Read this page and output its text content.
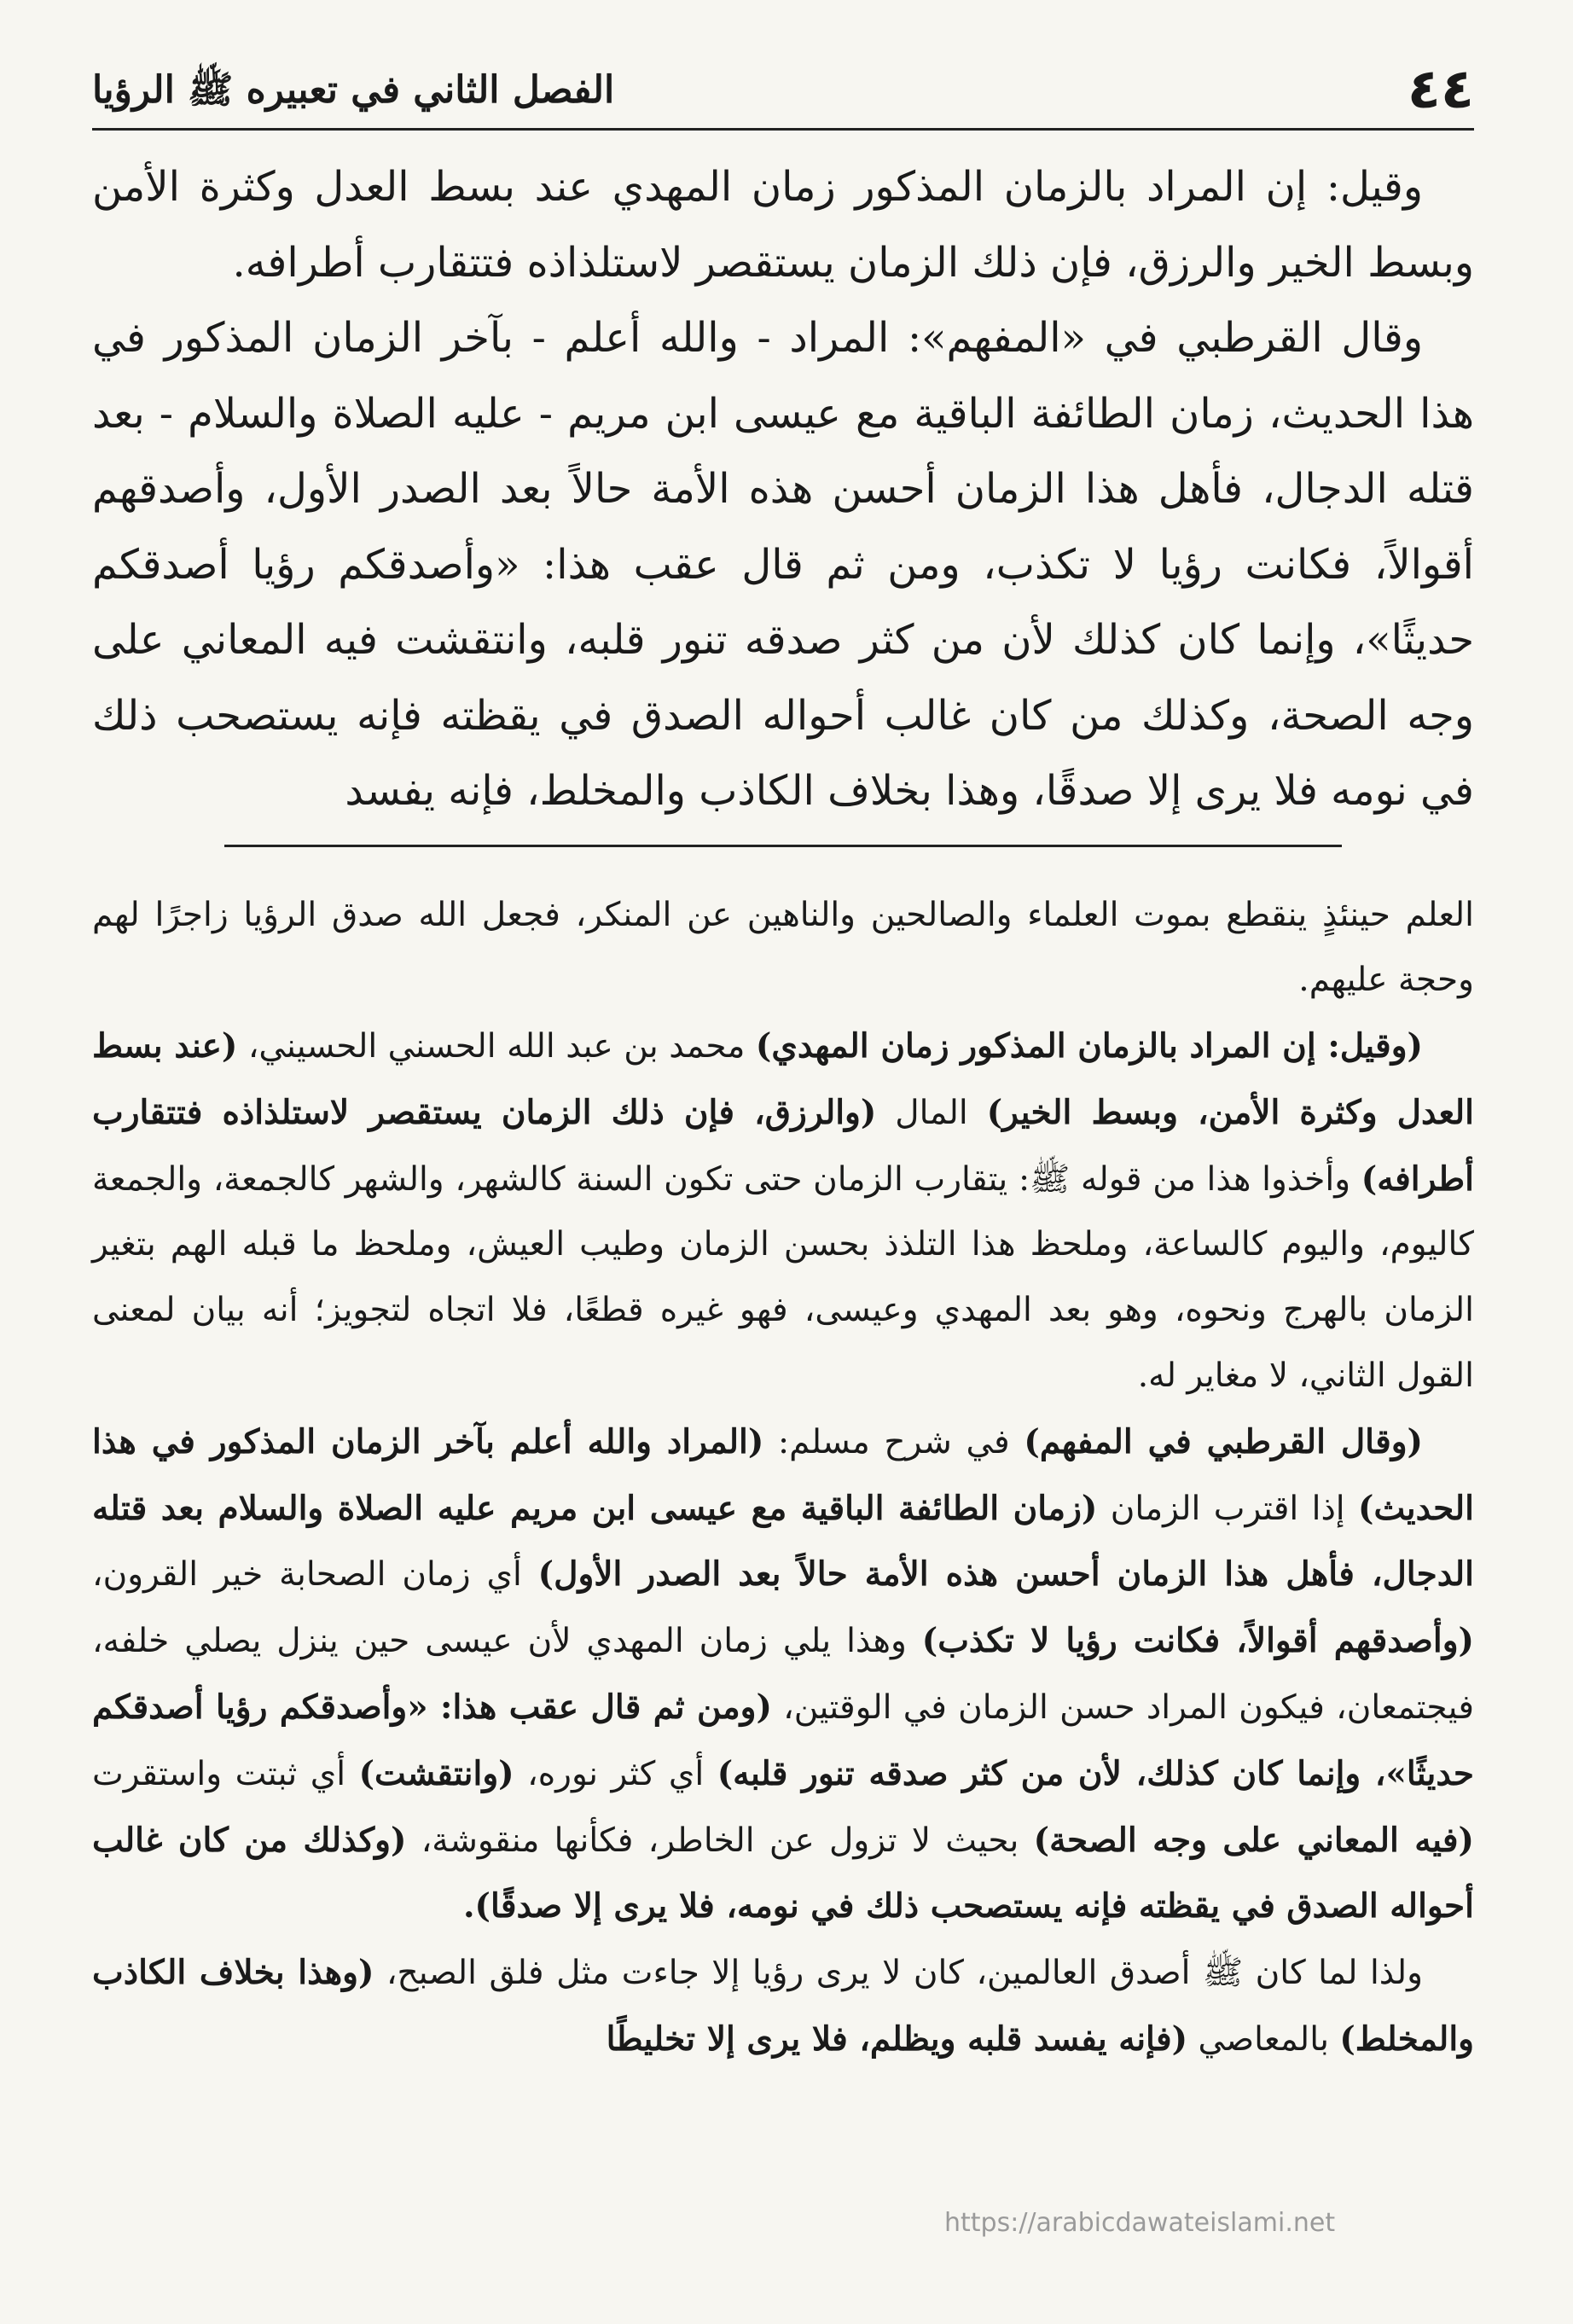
٤٤
الفصل الثاني في تعبيره ﷺ الرؤيا

وقيل: إن المراد بالزمان المذكور زمان المهدي عند بسط العدل وكثرة الأمن وبسط الخير والرزق، فإن ذلك الزمان يستقصر لاستلذاذه فتتقارب أطرافه.

وقال القرطبي في «المفهم»: المراد - والله أعلم - بآخر الزمان المذكور في هذا الحديث، زمان الطائفة الباقية مع عيسى ابن مريم - عليه الصلاة والسلام - بعد قتله الدجال، فأهل هذا الزمان أحسن هذه الأمة حالاً بعد الصدر الأول، وأصدقهم أقوالاً، فكانت رؤيا لا تكذب، ومن ثم قال عقب هذا: «وأصدقكم رؤيا أصدقكم حديثًا»، وإنما كان كذلك لأن من كثر صدقه تنور قلبه، وانتقشت فيه المعاني على وجه الصحة، وكذلك من كان غالب أحواله الصدق في يقظته فإنه يستصحب ذلك في نومه فلا يرى إلا صدقًا، وهذا بخلاف الكاذب والمخلط، فإنه يفسد

العلم حينئذٍ ينقطع بموت العلماء والصالحين والناهين عن المنكر، فجعل الله صدق الرؤيا زاجرًا لهم وحجة عليهم.

(وقيل: إن المراد بالزمان المذكور زمان المهدي) محمد بن عبد الله الحسني الحسيني، (عند بسط العدل وكثرة الأمن، وبسط الخير) المال (والرزق، فإن ذلك الزمان يستقصر لاستلذاذه فتتقارب أطرافه) وأخذوا هذا من قوله ﷺ: يتقارب الزمان حتى تكون السنة كالشهر، والشهر كالجمعة، والجمعة كاليوم، واليوم كالساعة، وملحظ هذا التلذذ بحسن الزمان وطيب العيش، وملحظ ما قبله الهم بتغير الزمان بالهرج ونحوه، وهو بعد المهدي وعيسى، فهو غيره قطعًا، فلا اتجاه لتجويز؛ أنه بيان لمعنى القول الثاني، لا مغاير له.

(وقال القرطبي في المفهم) في شرح مسلم: (المراد والله أعلم بآخر الزمان المذكور في هذا الحديث) إذا اقترب الزمان (زمان الطائفة الباقية مع عيسى ابن مريم عليه الصلاة والسلام بعد قتله الدجال، فأهل هذا الزمان أحسن هذه الأمة حالاً بعد الصدر الأول) أي زمان الصحابة خير القرون، (وأصدقهم أقوالاً، فكانت رؤيا لا تكذب) وهذا يلي زمان المهدي لأن عيسى حين ينزل يصلي خلفه، فيجتمعان، فيكون المراد حسن الزمان في الوقتين، (ومن ثم قال عقب هذا: «وأصدقكم رؤيا أصدقكم حديثًا»، وإنما كان كذلك، لأن من كثر صدقه تنور قلبه) أي كثر نوره، (وانتقشت) أي ثبتت واستقرت (فيه المعاني على وجه الصحة) بحيث لا تزول عن الخاطر، فكأنها منقوشة، (وكذلك من كان غالب أحواله الصدق في يقظته فإنه يستصحب ذلك في نومه، فلا يرى إلا صدقًا).

ولذا لما كان ﷺ أصدق العالمين، كان لا يرى رؤيا إلا جاءت مثل فلق الصبح، (وهذا بخلاف الكاذب والمخلط) بالمعاصي (فإنه يفسد قلبه ويظلم، فلا يرى إلا تخليطًا

https://arabicdawateislami.net
